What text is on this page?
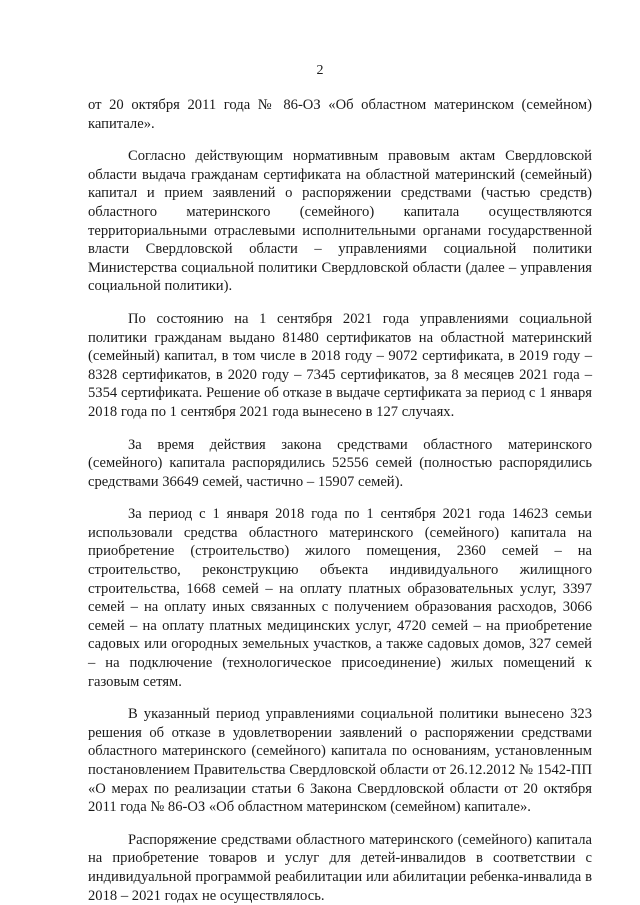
2

от 20 октября 2011 года № 86-ОЗ «Об областном материнском (семейном) капитале».

Согласно действующим нормативным правовым актам Свердловской области выдача гражданам сертификата на областной материнский (семейный) капитал и прием заявлений о распоряжении средствами (частью средств) областного материнского (семейного) капитала осуществляются территориальными отраслевыми исполнительными органами государственной власти Свердловской области – управлениями социальной политики Министерства социальной политики Свердловской области (далее – управления социальной политики).

По состоянию на 1 сентября 2021 года управлениями социальной политики гражданам выдано 81480 сертификатов на областной материнский (семейный) капитал, в том числе в 2018 году – 9072 сертификата, в 2019 году – 8328 сертификатов, в 2020 году – 7345 сертификатов, за 8 месяцев 2021 года – 5354 сертификата. Решение об отказе в выдаче сертификата за период с 1 января 2018 года по 1 сентября 2021 года вынесено в 127 случаях.

За время действия закона средствами областного материнского (семейного) капитала распорядились 52556 семей (полностью распорядились средствами 36649 семей, частично – 15907 семей).

За период с 1 января 2018 года по 1 сентября 2021 года 14623 семьи использовали средства областного материнского (семейного) капитала на приобретение (строительство) жилого помещения, 2360 семей – на строительство, реконструкцию объекта индивидуального жилищного строительства, 1668 семей – на оплату платных образовательных услуг, 3397 семей – на оплату иных связанных с получением образования расходов, 3066 семей – на оплату платных медицинских услуг, 4720 семей – на приобретение садовых или огородных земельных участков, а также садовых домов, 327 семей – на подключение (технологическое присоединение) жилых помещений к газовым сетям.

В указанный период управлениями социальной политики вынесено 323 решения об отказе в удовлетворении заявлений о распоряжении средствами областного материнского (семейного) капитала по основаниям, установленным постановлением Правительства Свердловской области от 26.12.2012 № 1542-ПП «О мерах по реализации статьи 6 Закона Свердловской области от 20 октября 2011 года № 86-ОЗ «Об областном материнском (семейном) капитале».

Распоряжение средствами областного материнского (семейного) капитала на приобретение товаров и услуг для детей-инвалидов в соответствии с индивидуальной программой реабилитации или абилитации ребенка-инвалида в 2018 – 2021 годах не осуществлялось.
